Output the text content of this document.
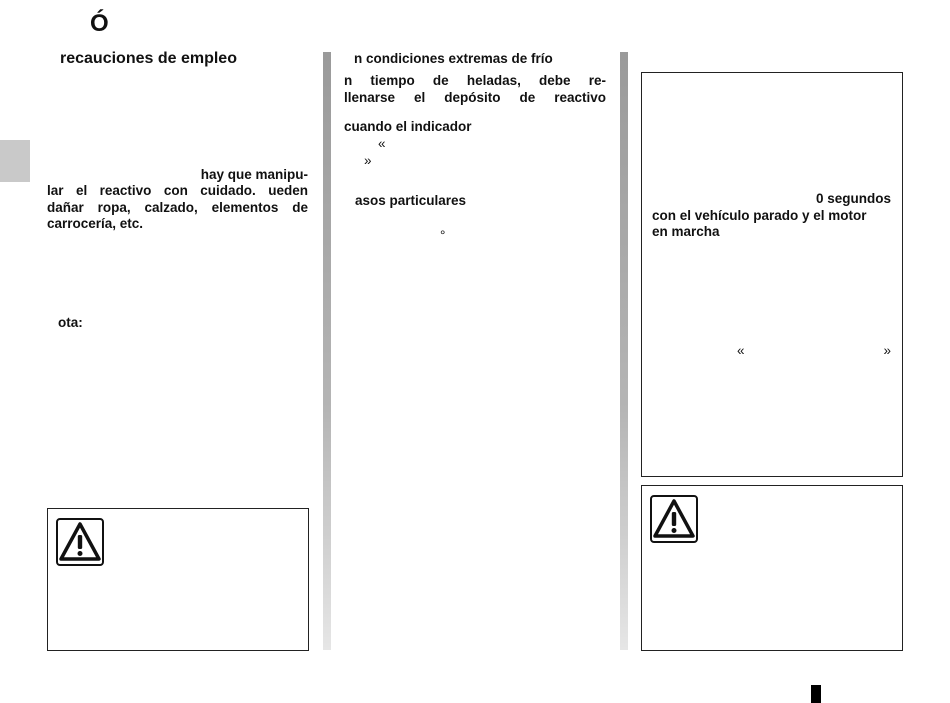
Ó
recauciones de empleo
hay que manipu-
lar el reactivo con cuidado. ueden
dañar ropa, calzado, elementos de
carrocería, etc.
ota:
n condiciones extremas de frío
n tiempo de heladas, debe re-
llenarse el depósito de reactivo
cuando el indicador
«
»
asos particulares
°
0 segundos
con el vehículo parado y el motor
en marcha
«	»
